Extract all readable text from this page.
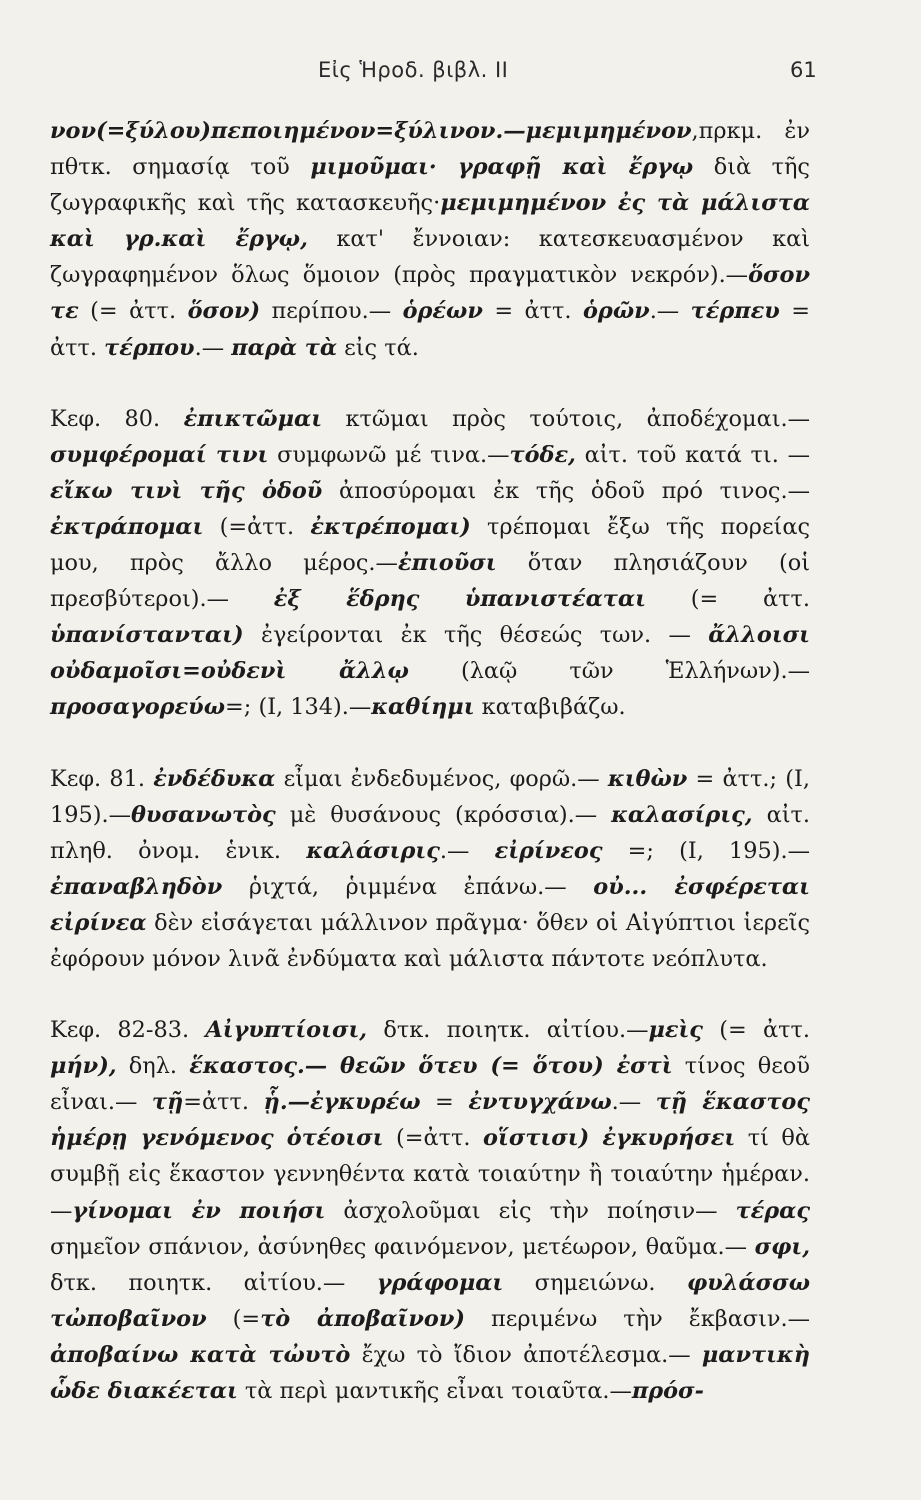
Εἰς Ἡροδ. βιβλ. ΙΙ	61

νον(=ξύλου)πεποιημένον=ξύλινον.—μεμιμημένον,πρκμ. ἐν πθτκ. σημασίᾳ τοῦ μιμοῦμαι· γραφῇ καὶ ἔργῳ διὰ τῆς ζωγραφικῆς καὶ τῆς κατασκευῆς·μεμιμημένον ἐς τὰ μάλιστα καὶ γρ.καὶ ἔργῳ, κατ' ἔννοιαν: κατεσκευασμένον καὶ ζωγραφημένον ὅλως ὅμοιον (πρὸς πραγματικὸν νεκρόν).—ὅσον τε (= ἀττ. ὅσον) περίπου.— ὁρέων = ἀττ. ὁρῶν.— τέρπευ = ἀττ. τέρπου.— παρὰ τὰ εἰς τά.

Κεφ. 80. ἐπικτῶμαι κτῶμαι πρὸς τούτοις, ἀποδέχομαι.— συμφέρομαί τινι συμφωνῶ μέ τινα.—τόδε, αἰτ. τοῦ κατά τι. —εἴκω τινὶ τῆς ὁδοῦ ἀποσύρομαι ἐκ τῆς ὁδοῦ πρό τινος.—ἐκτράπομαι (=ἀττ. ἐκτρέπομαι) τρέπομαι ἔξω τῆς πορείας μου, πρὸς ἄλλο μέρος.—ἐπιοῦσι ὅταν πλησιάζουν (οἱ πρεσβύτεροι).— ἐξ ἕδρης ὑπανιστέαται (= ἀττ. ὑπανίστανται) ἐγείρονται ἐκ τῆς θέσεώς των. — ἄλλοισι οὐδαμοῖσι=οὐδενὶ ἄλλῳ (λαῷ τῶν Ἑλλήνων).— προσαγορεύω=; (Ι, 134).—καθίημι καταβιβάζω.

Κεφ. 81. ἐνδέδυκα εἶμαι ἐνδεδυμένος, φορῶ.— κιθὼν = ἀττ.; (Ι, 195).—θυσανωτὸς μὲ θυσάνους (κρόσσια).— καλασίρις, αἰτ. πληθ. ὀνομ. ἑνικ. καλάσιρις.— εἰρίνεος =; (Ι, 195).— ἐπαναβληδὸν ῥιχτά, ῥιμμένα ἐπάνω.— οὐ... ἐσφέρεται εἰρίνεα δὲν εἰσάγεται μάλλινον πρᾶγμα· ὅθεν οἱ Αἰγύπτιοι ἱερεῖς ἐφόρουν μόνον λινᾶ ἐνδύματα καὶ μάλιστα πάντοτε νεόπλυτα.

Κεφ. 82-83. Αἰγυπτίοισι, δτκ. ποιητκ. αἰτίου.—μεὶς (= ἀττ. μήν), δηλ. ἕκαστος.— θεῶν ὅτευ (= ὅτου) ἐστὶ τίνος θεοῦ εἶναι.— τῇ=ἀττ. ᾗ.—ἐγκυρέω = ἐντυγχάνω.— τῇ ἕκαστος ἡμέρῃ γενόμενος ὁτέοισι (=ἀττ. οἵστισι) ἐγκυρήσει τί θὰ συμβῇ εἰς ἕκαστον γεννηθέντα κατὰ τοιαύτην ἢ τοιαύτην ἡμέραν.—γίνομαι ἐν ποιήσι ἀσχολοῦμαι εἰς τὴν ποίησιν— τέρας σημεῖον σπάνιον, ἀσύνηθες φαινόμενον, μετέωρον, θαῦμα.— σφι, δτκ. ποιητκ. αἰτίου.— γράφομαι σημειώνω. φυλάσσω τὠποβαῖνον (=τὸ ἀποβαῖνον) περιμένω τὴν ἔκβασιν.— ἀποβαίνω κατὰ τὠυτὸ ἔχω τὸ ἴδιον ἀποτέλεσμα.— μαντικὴ ὧδε διακέεται τὰ περὶ μαντικῆς εἶναι τοιαῦτα.—πρόσ-
